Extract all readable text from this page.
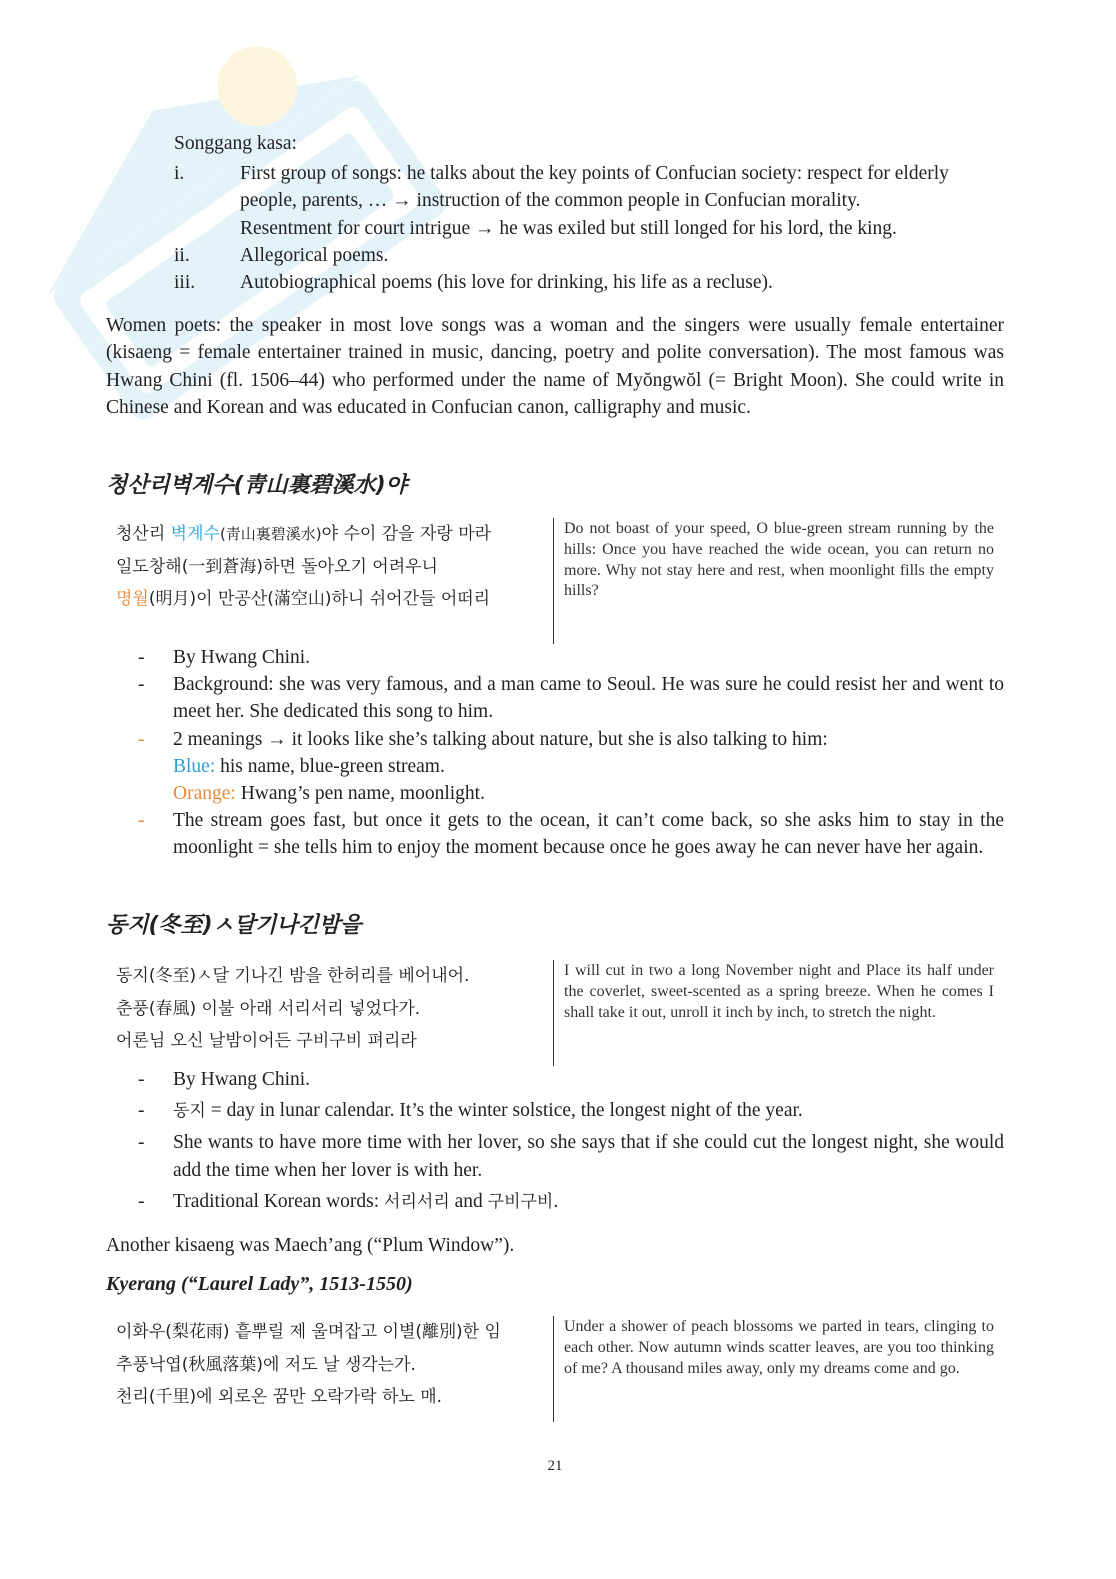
Songgang kasa:
i.	First group of songs: he talks about the key points of Confucian society: respect for elderly people, parents, … → instruction of the common people in Confucian morality.
Resentment for court intrigue → he was exiled but still longed for his lord, the king.
ii.	Allegorical poems.
iii. Autobiographical poems (his love for drinking, his life as a recluse).
Women poets: the speaker in most love songs was a woman and the singers were usually female entertainer (kisaeng = female entertainer trained in music, dancing, poetry and polite conversation). The most famous was Hwang Chini (fl. 1506–44) who performed under the name of Myŏngwŏl (= Bright Moon). She could write in Chinese and Korean and was educated in Confucian canon, calligraphy and music.
청산리벽계수(靑山裏碧溪水)야
청산리 벽계수(靑山裏碧溪水)야 수이 감을 자랑 마라
일도창해(一到蒼海)하면 돌아오기 어려우니
명월(明月)이 만공산(滿空山)하니 쉬어간들 어떠리
Do not boast of your speed, O blue-green stream running by the hills: Once you have reached the wide ocean, you can return no more. Why not stay here and rest, when moonlight fills the empty hills?
- By Hwang Chini.
- Background: she was very famous, and a man came to Seoul. He was sure he could resist her and went to meet her. She dedicated this song to him.
- 2 meanings → it looks like she’s talking about nature, but she is also talking to him:
Blue: his name, blue-green stream.
Orange: Hwang’s pen name, moonlight.
- The stream goes fast, but once it gets to the ocean, it can’t come back, so she asks him to stay in the moonlight = she tells him to enjoy the moment because once he goes away he can never have her again.
동지(冬至)ㅅ달기나긴밤을
동지(冬至)ㅅ달 기나긴 밤을 한허리를 베어내어.
춘풍(春風) 이불 아래 서리서리 넣었다가.
어론님 오신 날밤이어든 구비구비 펴리라
I will cut in two a long November night and Place its half under the coverlet, sweet-scented as a spring breeze. When he comes I shall take it out, unroll it inch by inch, to stretch the night.
- By Hwang Chini.
- 동지 = day in lunar calendar. It’s the winter solstice, the longest night of the year.
- She wants to have more time with her lover, so she says that if she could cut the longest night, she would add the time when her lover is with her.
- Traditional Korean words: 서리서리 and 구비구비.
Another kisaeng was Maech’ang (“Plum Window”).
Kyerang (“Laurel Lady”, 1513-1550)
이화우(梨花雨) 흩뿌릴 제 울며잡고 이별(離別)한 임
추풍낙엽(秋風落葉)에 저도 날 생각는가.
천리(千里)에 외로온 꿈만 오락가락 하노 매.
Under a shower of peach blossoms we parted in tears, clinging to each other. Now autumn winds scatter leaves, are you too thinking of me? A thousand miles away, only my dreams come and go.
21
